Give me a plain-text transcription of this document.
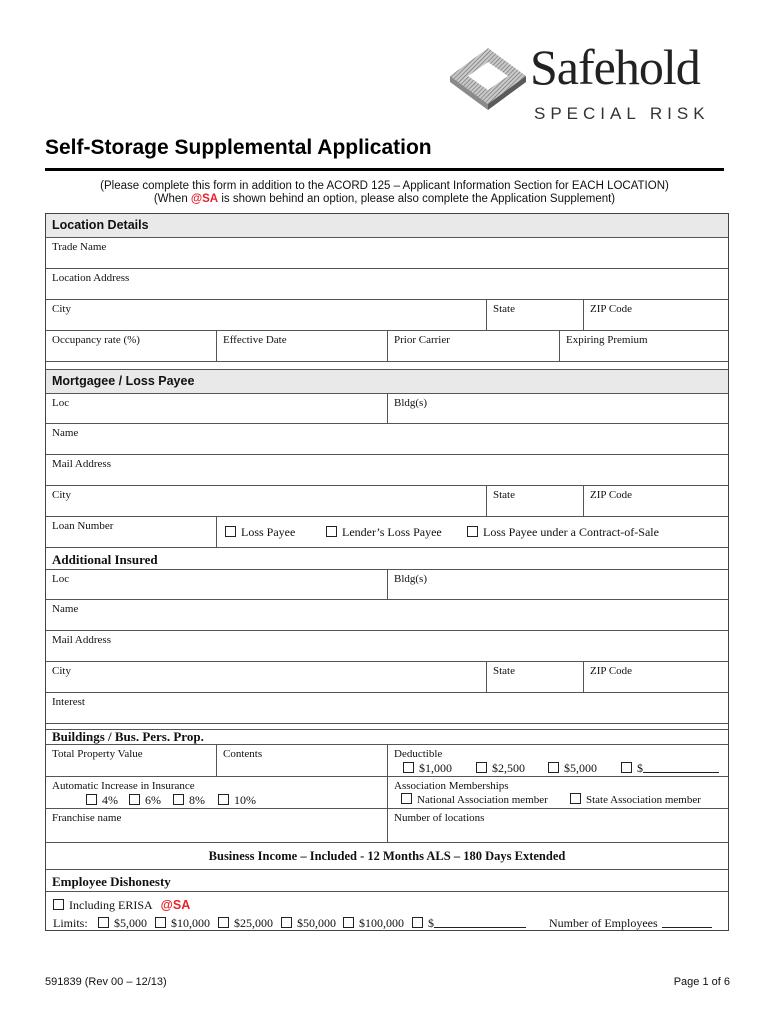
Safehold
SPECIAL RISK
Self-Storage Supplemental Application
(Please complete this form in addition to the ACORD 125 – Applicant Information Section for EACH LOCATION)
(When @SA is shown behind an option, please also complete the Application Supplement)
Location Details
Trade Name
Location Address
City	State	ZIP Code
Occupancy rate (%)	Effective Date	Prior Carrier	Expiring Premium
Mortgagee / Loss Payee
Loc	Bldg(s)
Name
Mail Address
City	State	ZIP Code
Loan Number	Loss Payee	Lender’s Loss Payee	Loss Payee under a Contract-of-Sale
Additional Insured
Loc	Bldg(s)
Name
Mail Address
City	State	ZIP Code
Interest
Buildings / Bus. Pers. Prop.
Total Property Value	Contents	Deductible
$1,000	$2,500	$5,000	$
Automatic Increase in Insurance
4%	6%	8%	10%
Association Memberships
National Association member	State Association member
Franchise name	Number of locations
Business Income – Included - 12 Months ALS – 180 Days Extended
Employee Dishonesty
Including ERISA @SA
Limits:	$5,000	$10,000	$25,000	$50,000	$100,000	$	Number of Employees
591839 (Rev 00 – 12/13)	Page 1 of 6
